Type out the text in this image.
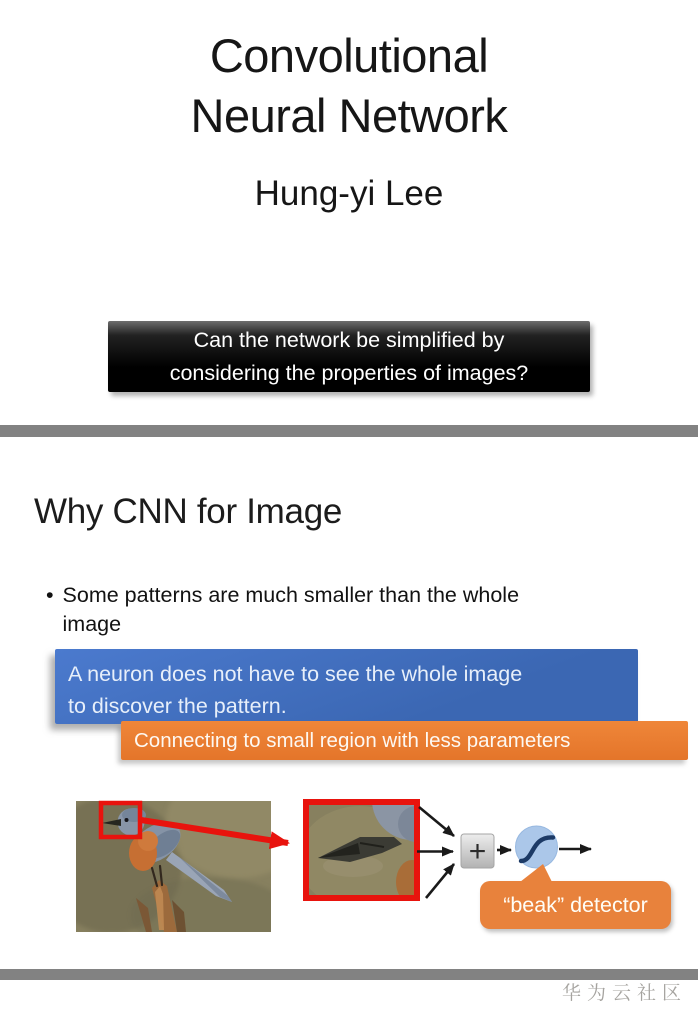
Convolutional
Neural Network
Hung-yi Lee
Can the network be simplified by
considering the properties of images?
Why CNN for Image
• Some patterns are much smaller than the whole
image
A neuron does not have to see the whole image
to discover the pattern.
Connecting to small region with less parameters
+
“beak” detector
华为云社区
